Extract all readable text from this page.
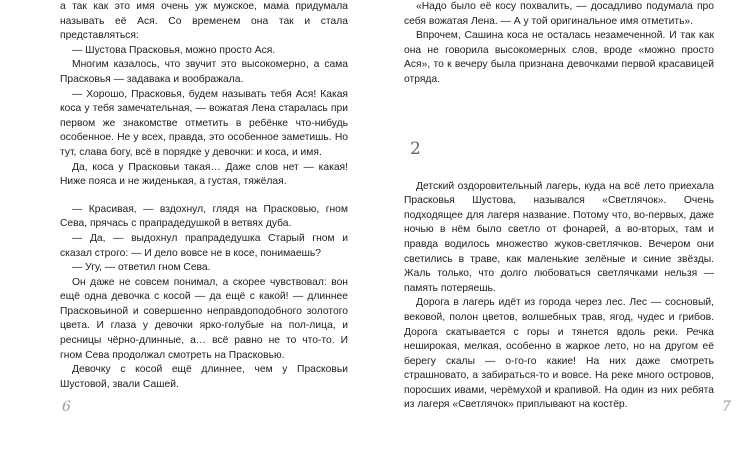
а так как это имя очень уж мужское, мама придумала называть её Ася. Со временем она так и стала представляться:

— Шустова Прасковья, можно просто Ася.

Многим казалось, что звучит это высокомерно, а сама Прасковья — задавака и воображала.

— Хорошо, Прасковья, будем называть тебя Ася! Какая коса у тебя замечательная, — вожатая Лена старалась при первом же знакомстве отметить в ребёнке что-нибудь особенное. Не у всех, правда, это особенное заметишь. Но тут, слава богу, всё в порядке у девочки: и коса, и имя.

Да, коса у Прасковьи такая… Даже слов нет — какая! Ниже пояса и не жиденькая, а густая, тяжёлая.

— Красивая, — вздохнул, глядя на Прасковью, гном Сева, прячась с прапрадедушкой в ветвях дуба.

— Да, — выдохнул прапрадедушка Старый гном и сказал строго: — И дело вовсе не в косе, понимаешь?

— Угу, — ответил гном Сева.

Он даже не совсем понимал, а скорее чувствовал: вон ещё одна девочка с косой — да ещё с какой! — длиннее Прасковьиной и совершенно неправдоподобного золотого цвета. И глаза у девочки ярко-голубые на пол-лица, и ресницы чёрно-длинные, а… всё равно не то что-то. И гном Сева продолжал смотреть на Прасковью.

Девочку с косой ещё длиннее, чем у Прасковьи Шустовой, звали Сашей.

«Надо было её косу похвалить, — досадливо подумала про себя вожатая Лена. — А у той оригинальное имя отметить».

Впрочем, Сашина коса не осталась незамеченной. И так как она не говорила высокомерных слов, вроде «можно просто Ася», то к вечеру была признана девочками первой красавицей отряда.

2

Детский оздоровительный лагерь, куда на всё лето приехала Прасковья Шустова, назывался «Светлячок». Очень подходящее для лагеря название. Потому что, во-первых, даже ночью в нём было светло от фонарей, а во-вторых, там и правда водилось множество жуков-светлячков. Вечером они светились в траве, как маленькие зелёные и синие звёзды. Жаль только, что долго любоваться светлячками нельзя — память потеряешь.

Дорога в лагерь идёт из города через лес. Лес — сосновый, вековой, полон цветов, волшебных трав, ягод, чудес и грибов. Дорога скатывается с горы и тянется вдоль реки. Речка неширокая, мелкая, особенно в жаркое лето, но на другом её берегу скалы — о-го-го какие! На них даже смотреть страшновато, а забираться-то и вовсе. На реке много островов, поросших ивами, черёмухой и крапивой. На один из них ребята из лагеря «Светлячок» приплывают на костёр.

6	7
